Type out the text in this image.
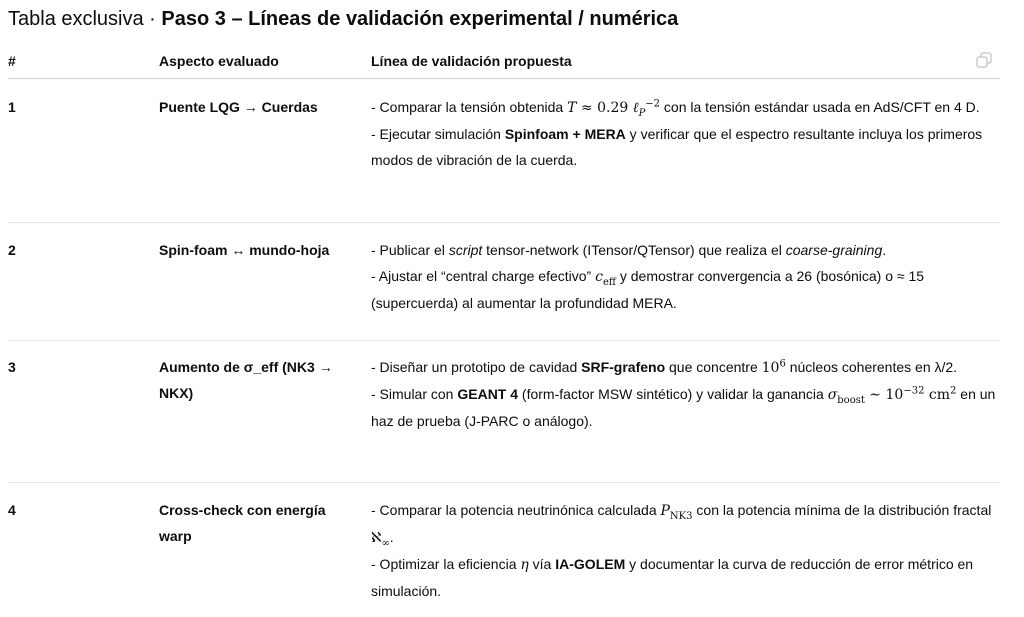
Tabla exclusiva · Paso 3 – Líneas de validación experimental / numérica
#	Aspecto evaluado	Línea de validación propuesta
1	Puente LQG → Cuerdas	- Comparar la tensión obtenida T ≈ 0.29 ℓ$_P^{-2}$ con la tensión estándar usada en AdS/CFT en 4 D.

- Ejecutar simulación Spinfoam + MERA y verificar que el espectro resultante incluya los primeros modos de vibración de la cuerda.

2	Spin-foam ↔ mundo-hoja	- Publicar el script tensor-network (ITensor/QTensor) que realiza el coarse-graining.

- Ajustar el “central charge efectivo” $c_{eff}$ y demostrar convergencia a 26 (bosónica) o ≈ 15 (supercuerda) al aumentar la profundidad MERA.

3	Aumento de σ_eff (NK3 → NKX)	- Diseñar un prototipo de cavidad SRF-grafeno que concentre $10^6$ núcleos coherentes en λ/2.

- Simular con GEANT 4 (form-factor MSW sintético) y validar la ganancia $\sigma_{boost}$ ∼ $10^{-32}$ $cm^2$ en un haz de prueba (J-PARC o análogo).

4	Cross-check con energía warp	- Comparar la potencia neutrinónica calculada $P_{NK3}$ con la potencia mínima de la distribución fractal ℵ$_\infty$.

- Optimizar la eficiencia η vía IA-GOLEM y documentar la curva de reducción de error métrico en simulación.
